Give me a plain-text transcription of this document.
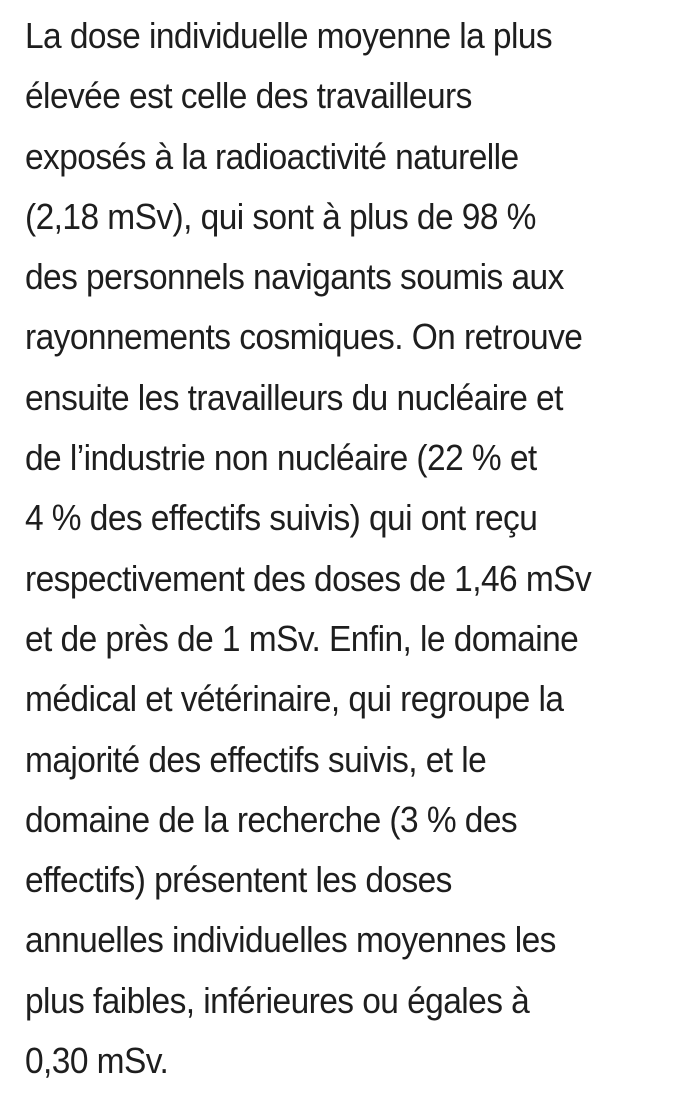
La dose individuelle moyenne la plus
élevée est celle des travailleurs
exposés à la radioactivité naturelle
(2,18 mSv), qui sont à plus de 98 %
des personnels navigants soumis aux
rayonnements cosmiques. On retrouve
ensuite les travailleurs du nucléaire et
de l’industrie non nucléaire (22 % et
4 % des effectifs suivis) qui ont reçu
respectivement des doses de 1,46 mSv
et de près de 1 mSv. Enfin, le domaine
médical et vétérinaire, qui regroupe la
majorité des effectifs suivis, et le
domaine de la recherche (3 % des
effectifs) présentent les doses
annuelles individuelles moyennes les
plus faibles, inférieures ou égales à
0,30 mSv.
